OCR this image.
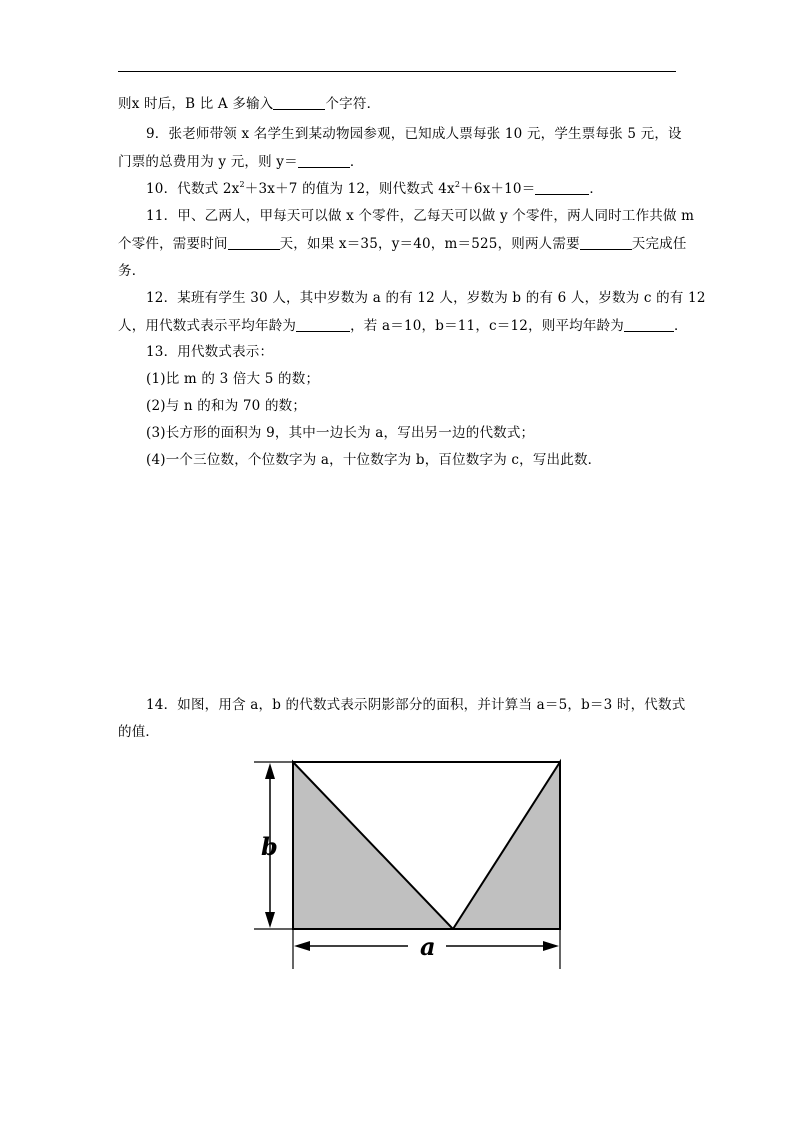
则x 时后，B 比 A 多输入	个字符．
9．张老师带领 x 名学生到某动物园参观，已知成人票每张 10 元，学生票每张 5 元，设
门票的总费用为 y 元，则 y＝	．
10．代数式 $2x^2+3x+7$ 的值为 12，则代数式 $4x^2+6x+10=$	．
11．甲、乙两人，甲每天可以做 x 个零件，乙每天可以做 y 个零件，两人同时工作共做 m
个零件，需要时间	天，如果 x＝35，y＝40，m＝525，则两人需要	天完成任
务．
12．某班有学生 30 人，其中岁数为 a 的有 12 人，岁数为 b 的有 6 人，岁数为 c 的有 12
人，用代数式表示平均年龄为	，若 a＝10，b＝11，c＝12，则平均年龄为	．
13．用代数式表示：
(1)比 m 的 3 倍大 5 的数；
(2)与 n 的和为 70 的数；
(3)长方形的面积为 9，其中一边长为 a，写出另一边的代数式；
(4)一个三位数，个位数字为 a，十位数字为 b，百位数字为 c，写出此数．
14．如图，用含 a，b 的代数式表示阴影部分的面积，并计算当 a＝5，b＝3 时，代数式
的值．
b
a
